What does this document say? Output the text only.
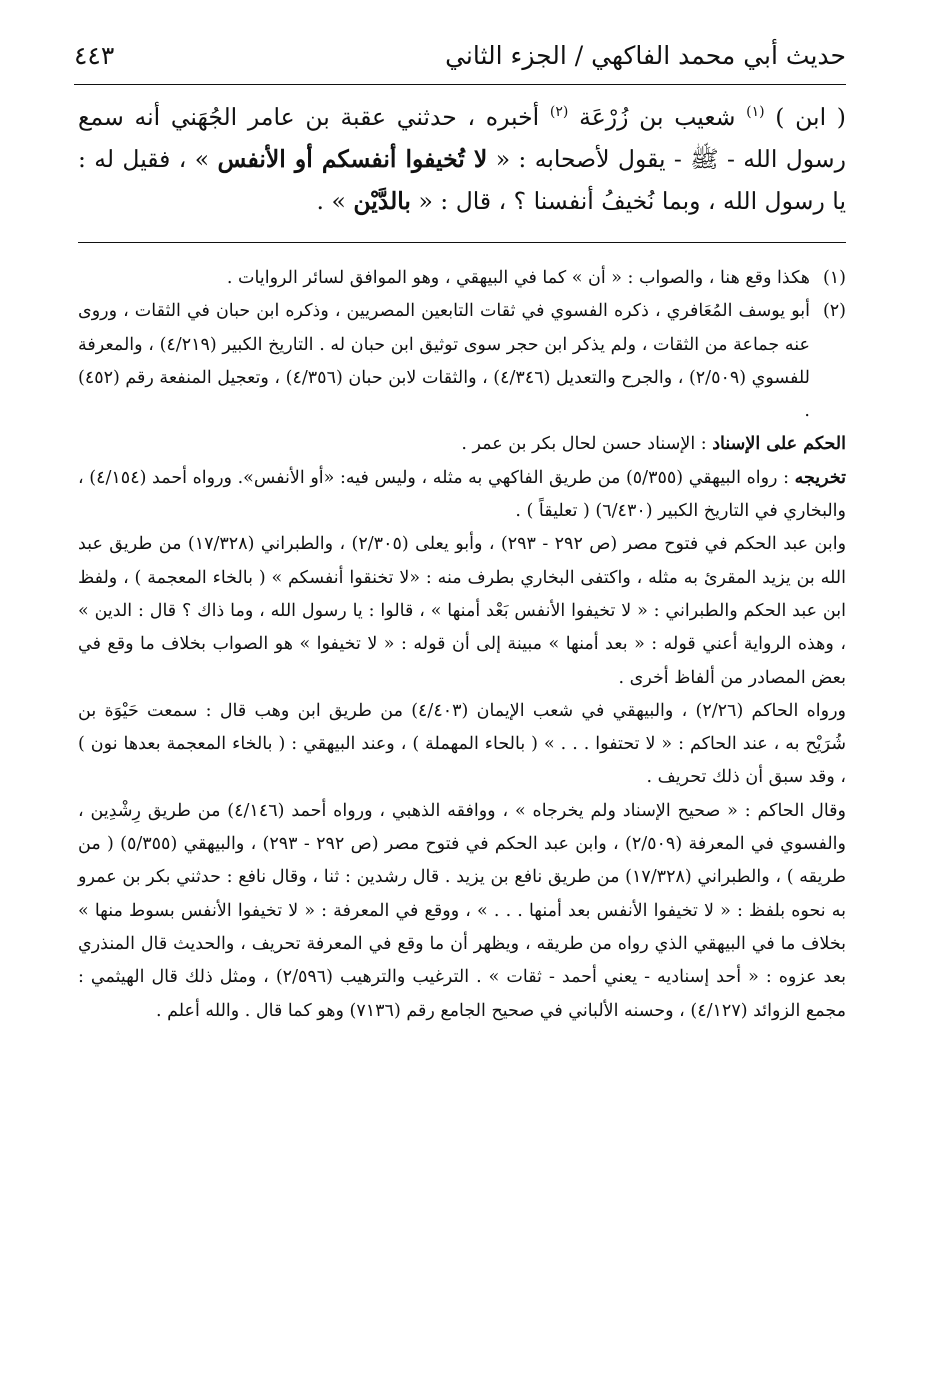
حديث أبي محمد الفاكهي / الجزء الثاني
٤٤٣

( ابن ) $^{(١)}$ شعيب بن زُرْعَة $^{(٢)}$ أخبره ، حدثني عقبة بن عامر الجُهَني أنه سمع رسول الله - ﷺ - يقول لأصحابه : « لا تُخيفوا أنفسكم أو الأنفس » ، فقيل له : يا رسول الله ، وبما نُخيفُ أنفسنا ؟ ، قال : « بالدَّيْن » .

(١)هكذا وقع هنا ، والصواب : « أن » كما في البيهقي ، وهو الموافق لسائر الروايات .

(٢)أبو يوسف المُعَافري ، ذكره الفسوي في ثقات التابعين المصريين ، وذكره ابن حبان في الثقات ، وروى عنه جماعة من الثقات ، ولم يذكر ابن حجر سوى توثيق ابن حبان له . التاريخ الكبير (٤/٢١٩) ، والمعرفة للفسوي (٢/٥٠٩) ، والجرح والتعديل (٤/٣٤٦) ، والثقات لابن حبان (٤/٣٥٦) ، وتعجيل المنفعة رقم (٤٥٢) .

الحكم على الإسناد : الإسناد حسن لحال بكر بن عمر .

تخريجه : رواه البيهقي (٥/٣٥٥) من طريق الفاكهي به مثله ، وليس فيه: «أو الأنفس». ورواه أحمد (٤/١٥٤) ، والبخاري في التاريخ الكبير (٦/٤٣٠) ( تعليقاً ) .

وابن عبد الحكم في فتوح مصر (ص ٢٩٢ - ٢٩٣) ، وأبو يعلى (٢/٣٠٥) ، والطبراني (١٧/٣٢٨) من طريق عبد الله بن يزيد المقرئ به مثله ، واكتفى البخاري بطرف منه : «لا تخنقوا أنفسكم » ( بالخاء المعجمة ) ، ولفظ ابن عبد الحكم والطبراني : « لا تخيفوا الأنفس بَعْد أمنها » ، قالوا : يا رسول الله ، وما ذاك ؟ قال : الدين » ، وهذه الرواية أعني قوله : « بعد أمنها » مبينة إلى أن قوله : « لا تخيفوا » هو الصواب بخلاف ما وقع في بعض المصادر من ألفاظ أخرى .

ورواه الحاكم (٢/٢٦) ، والبيهقي في شعب الإيمان (٤/٤٠٣) من طريق ابن وهب قال : سمعت حَيْوَة بن شُرَيْح به ، عند الحاكم : « لا تحتفوا . . . » ( بالحاء المهملة ) ، وعند البيهقي : ( بالخاء المعجمة بعدها نون ) ، وقد سبق أن ذلك تحريف .

وقال الحاكم : « صحيح الإسناد ولم يخرجاه » ، ووافقه الذهبي ، ورواه أحمد (٤/١٤٦) من طريق رِشْدِين ، والفسوي في المعرفة (٢/٥٠٩) ، وابن عبد الحكم في فتوح مصر (ص ٢٩٢ - ٢٩٣) ، والبيهقي (٥/٣٥٥) ( من طريقه ) ، والطبراني (١٧/٣٢٨) من طريق نافع بن يزيد . قال رشدين : ثنا ، وقال نافع : حدثني بكر بن عمرو به نحوه بلفظ : « لا تخيفوا الأنفس بعد أمنها . . . » ، ووقع في المعرفة : « لا تخيفوا الأنفس بسوط منها » بخلاف ما في البيهقي الذي رواه من طريقه ، ويظهر أن ما وقع في المعرفة تحريف ، والحديث قال المنذري بعد عزوه : « أحد إسناديه - يعني أحمد - ثقات » . الترغيب والترهيب (٢/٥٩٦) ، ومثل ذلك قال الهيثمي : مجمع الزوائد (٤/١٢٧) ، وحسنه الألباني في صحيح الجامع رقم (٧١٣٦) وهو كما قال . والله أعلم .
